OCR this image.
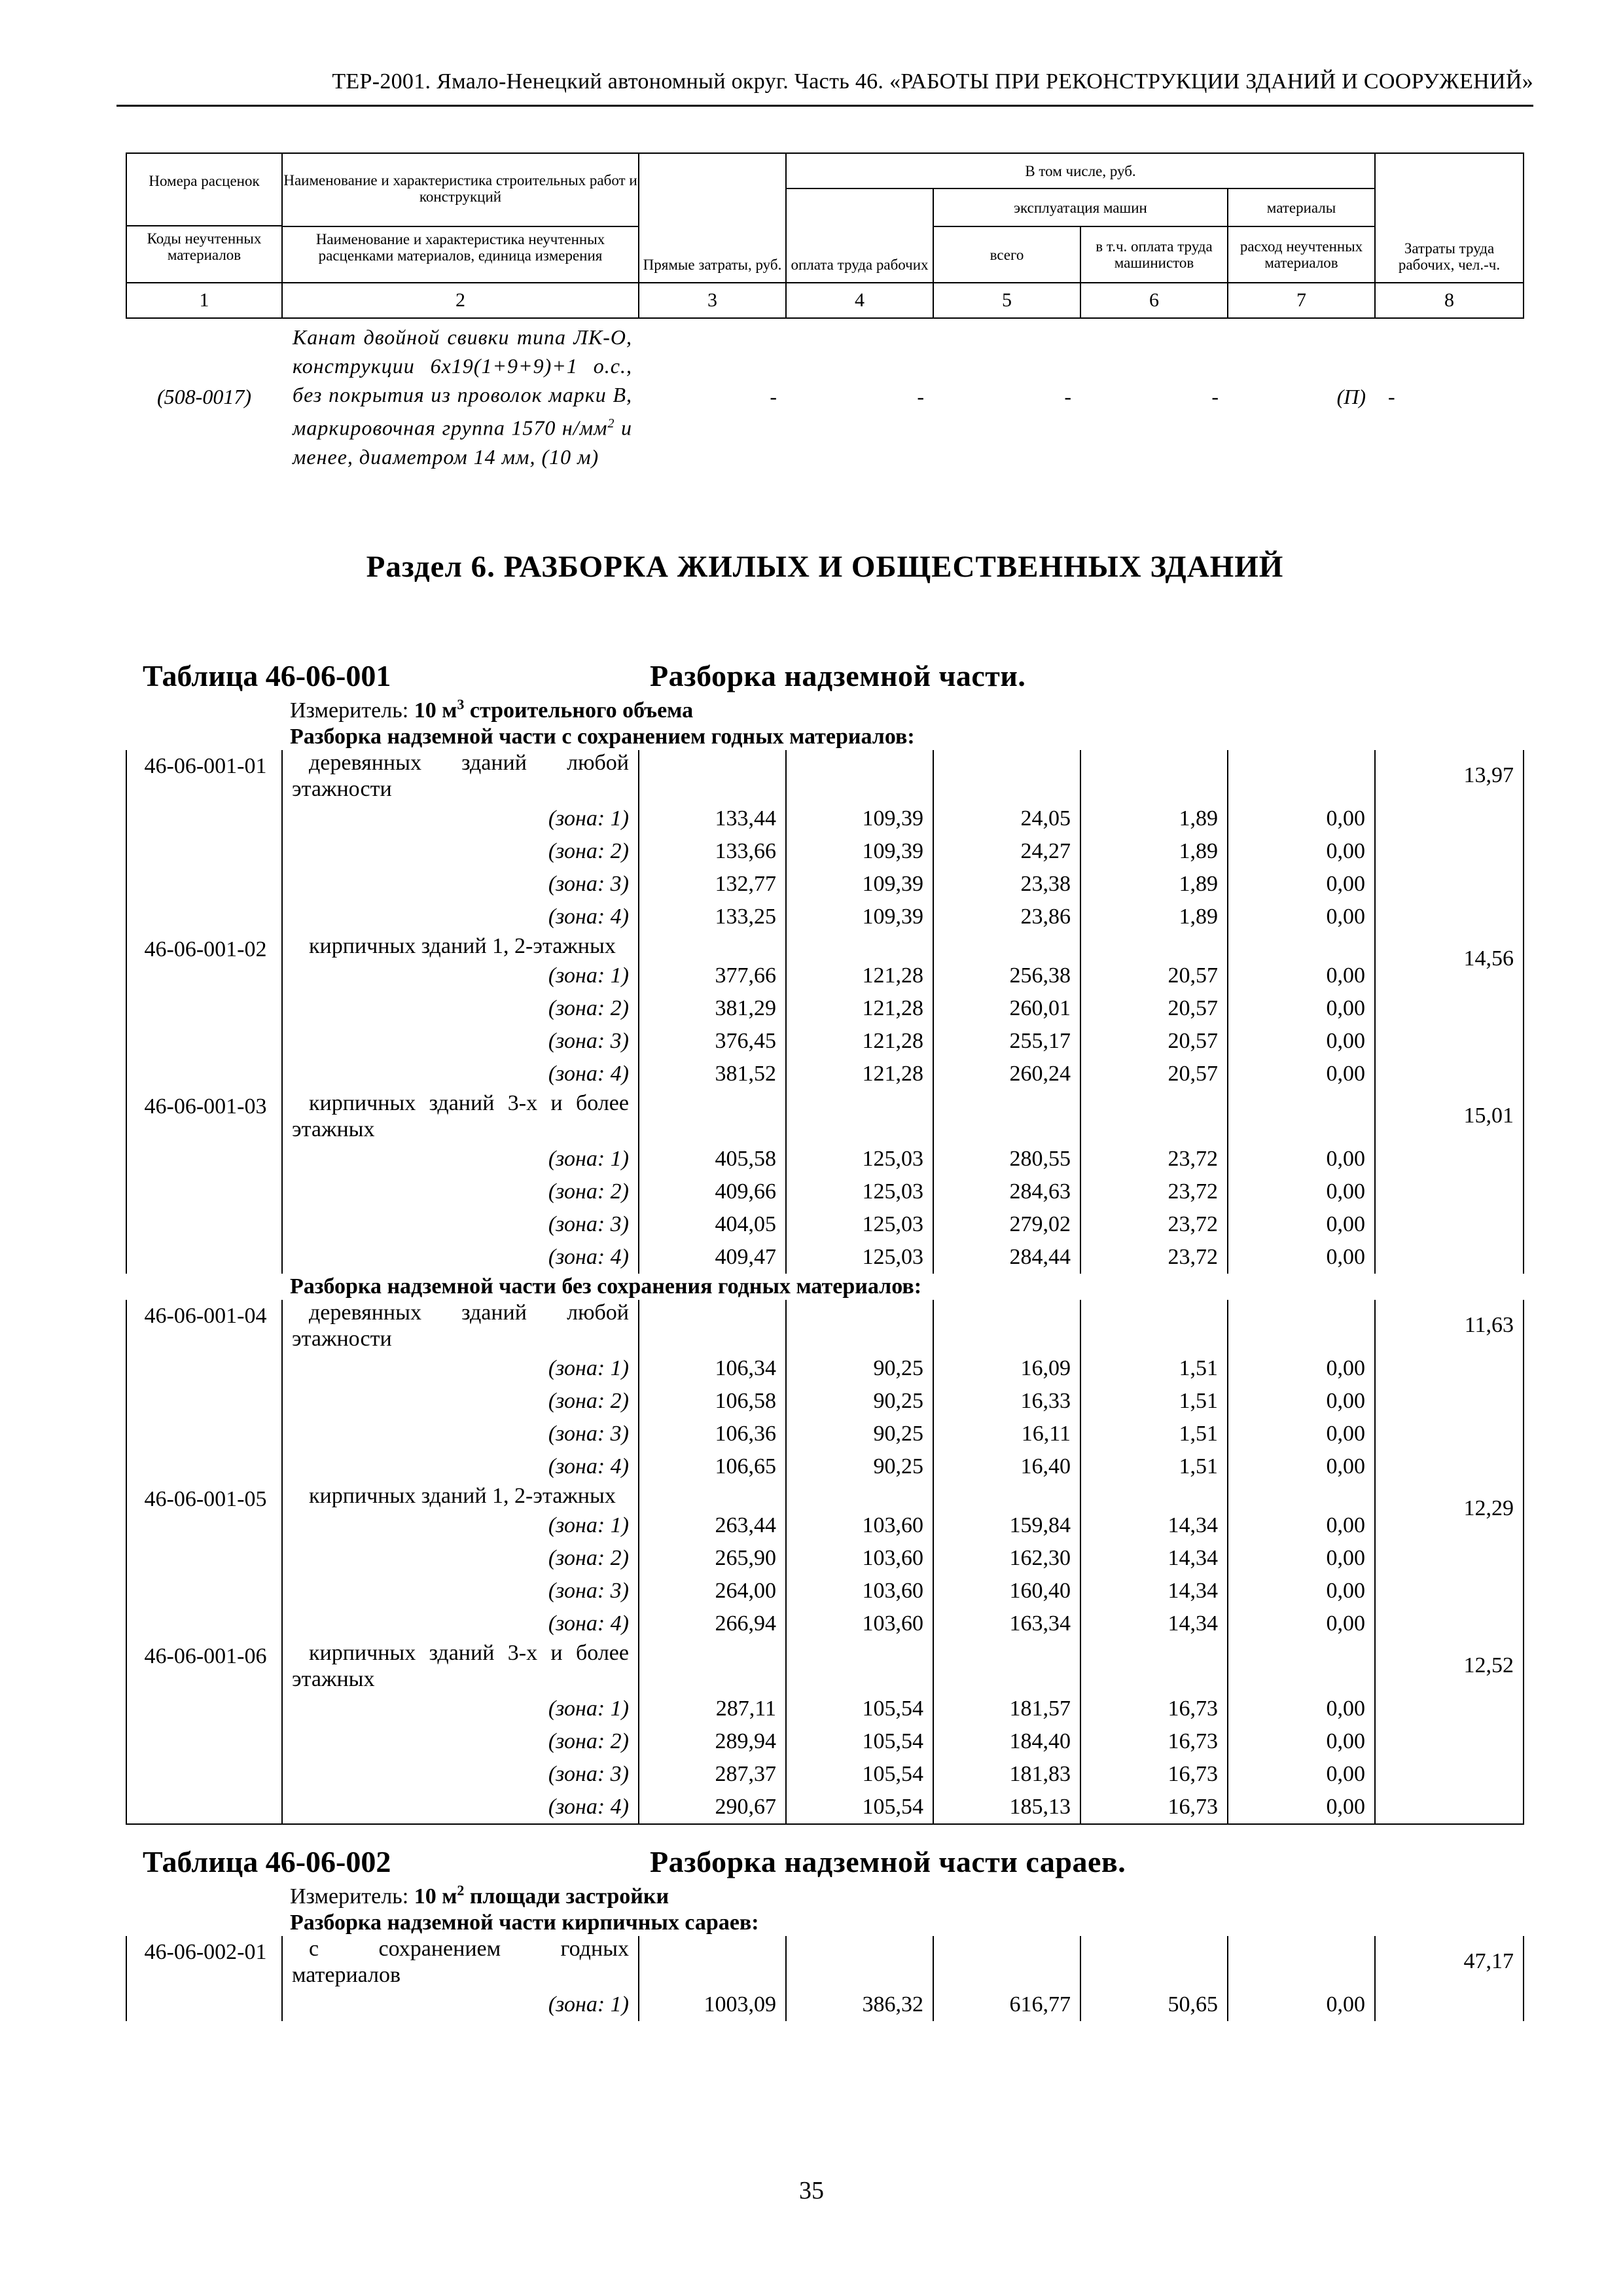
ТЕР-2001. Ямало-Ненецкий автономный округ. Часть 46. «РАБОТЫ ПРИ РЕКОНСТРУКЦИИ ЗДАНИЙ И СООРУЖЕНИЙ»
Номера расценок
Коды неучтенных материалов	Наименование и характеристика строительных работ и конструкций
Наименование и характеристика неучтенных расценками материалов, единица измерения	Прямые затраты, руб.	В том числе, руб.				Затраты труда рабочих, чел.-ч.
			оплата труда рабочих	эксплуатация машин		материалы	
				всего	в т.ч. оплата труда машинистов	расход неучтенных материалов	
1	2	3	4	5	6	7	8
(508-0017)	Канат двойной свивки типа ЛК-О, конструкции 6х19(1+9+9)+1 о.с., без покрытия из проволок марки В, маркировочная группа 1570 $н/мм^2$ и менее, диаметром 14 мм, (10 м)	-	-	-	-	(П)	-
Раздел 6. РАЗБОРКА ЖИЛЫХ И ОБЩЕСТВЕННЫХ ЗДАНИЙ							

Таблица 46-06-001 Разборка надземной части.							

Измеритель: 10 $м^3$ строительного объема							
Разборка надземной части с сохранением годных материалов:							
46-06-001-01	деревянных зданий любой этажности						13,97
	(зона: 1)	133,44	109,39	24,05	1,89	0,00	
	(зона: 2)	133,66	109,39	24,27	1,89	0,00	
	(зона: 3)	132,77	109,39	23,38	1,89	0,00	
	(зона: 4)	133,25	109,39	23,86	1,89	0,00	
46-06-001-02	кирпичных зданий 1, 2-этажных						14,56
	(зона: 1)	377,66	121,28	256,38	20,57	0,00	
	(зона: 2)	381,29	121,28	260,01	20,57	0,00	
	(зона: 3)	376,45	121,28	255,17	20,57	0,00	
	(зона: 4)	381,52	121,28	260,24	20,57	0,00	
46-06-001-03	кирпичных зданий 3-х и более этажных						15,01
	(зона: 1)	405,58	125,03	280,55	23,72	0,00	
	(зона: 2)	409,66	125,03	284,63	23,72	0,00	
	(зона: 3)	404,05	125,03	279,02	23,72	0,00	
	(зона: 4)	409,47	125,03	284,44	23,72	0,00	
Разборка надземной части без сохранения годных материалов:							
46-06-001-04	деревянных зданий любой этажности						11,63
	(зона: 1)	106,34	90,25	16,09	1,51	0,00	
	(зона: 2)	106,58	90,25	16,33	1,51	0,00	
	(зона: 3)	106,36	90,25	16,11	1,51	0,00	
	(зона: 4)	106,65	90,25	16,40	1,51	0,00	
46-06-001-05	кирпичных зданий 1, 2-этажных						12,29
	(зона: 1)	263,44	103,60	159,84	14,34	0,00	
	(зона: 2)	265,90	103,60	162,30	14,34	0,00	
	(зона: 3)	264,00	103,60	160,40	14,34	0,00	
	(зона: 4)	266,94	103,60	163,34	14,34	0,00	
46-06-001-06	кирпичных зданий 3-х и более этажных						12,52
	(зона: 1)	287,11	105,54	181,57	16,73	0,00	
	(зона: 2)	289,94	105,54	184,40	16,73	0,00	
	(зона: 3)	287,37	105,54	181,83	16,73	0,00	
	(зона: 4)	290,67	105,54	185,13	16,73	0,00	

Таблица 46-06-002 Разборка надземной части сараев.							

Измеритель: 10 $м^2$ площади застройки							
Разборка надземной части кирпичных сараев:							
46-06-002-01	с сохранением годных материалов						47,17
	(зона: 1)	1003,09	386,32	616,77	50,65	0,00	

35
